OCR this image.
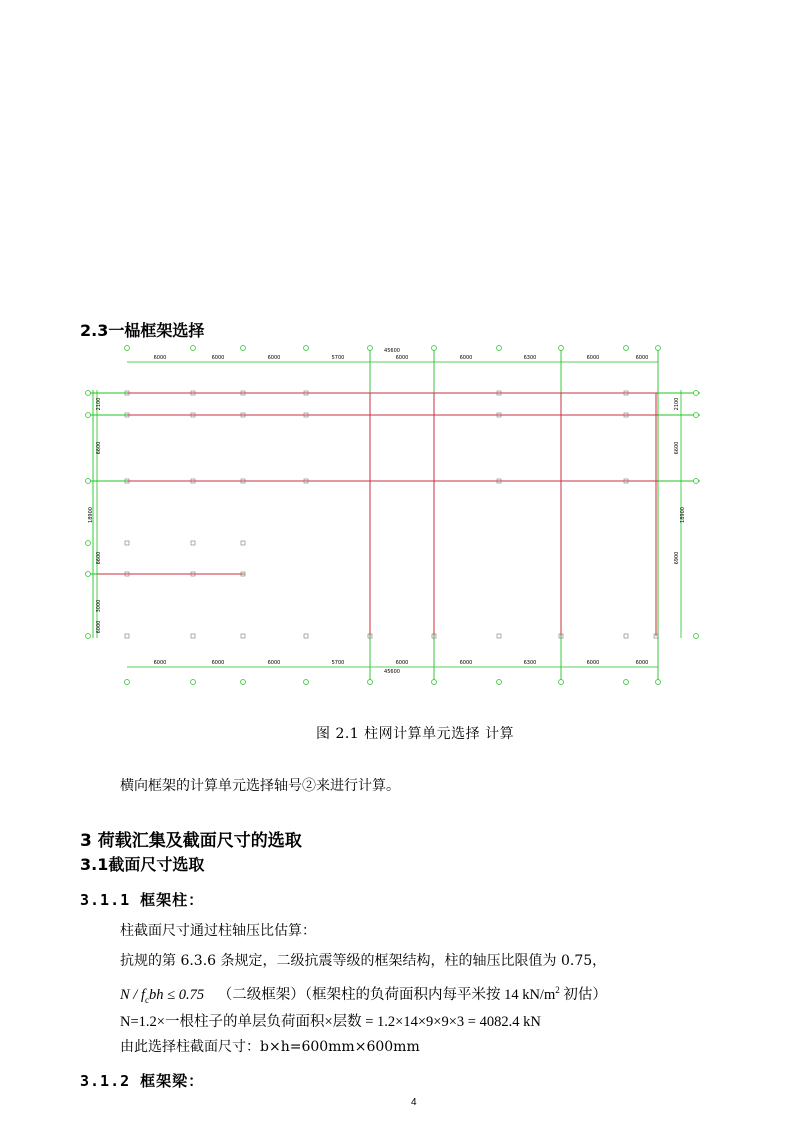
2.3一榀框架选择
6000	6000	6000	5700	6000	6000	6300	6000	6000
45600
6000	6000	6000	5700	6000	6000	6300	6000	6000
45600
2100
6600
6600
3000
6000
18900
2100
6600
18900
6900
图 2.1 柱网计算单元选择 计算
横向框架的计算单元选择轴号②来进行计算。
3 荷载汇集及截面尺寸的选取
3.1截面尺寸选取
3.1.1 框架柱：
柱截面尺寸通过柱轴压比估算：
抗规的第 6.3.6 条规定，二级抗震等级的框架结构，柱的轴压比限值为 0.75，
$N / f_cbh \le 0.75$ （二级框架）（框架柱的负荷面积内每平米按 14 $kN/m^2$ 初估）
N=1.2×一根柱子的单层负荷面积×层数 = 1.2×14×9×9×3 = 4082.4 kN
由此选择柱截面尺寸：b×h=600mm×600mm
3.1.2 框架梁：
4
